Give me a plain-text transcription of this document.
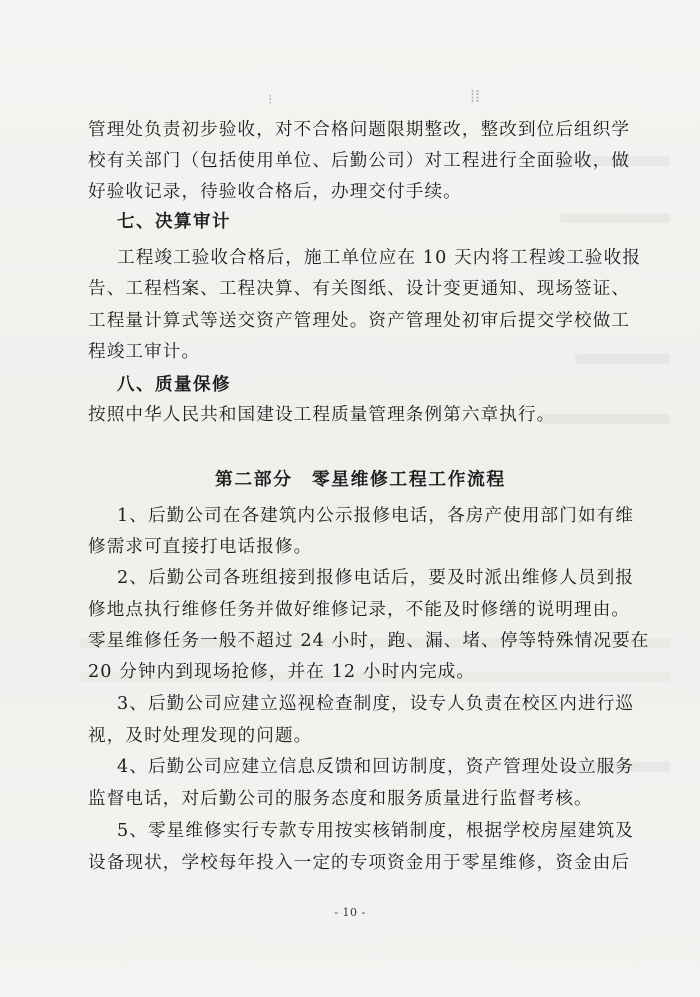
⁝	⁞⁞
管理处负责初步验收，对不合格问题限期整改，整改到位后组织学
校有关部门（包括使用单位、后勤公司）对工程进行全面验收，做
好验收记录，待验收合格后，办理交付手续。
七、决算审计
工程竣工验收合格后，施工单位应在 10 天内将工程竣工验收报
告、工程档案、工程决算、有关图纸、设计变更通知、现场签证、
工程量计算式等送交资产管理处。资产管理处初审后提交学校做工
程竣工审计。
八、质量保修
按照中华人民共和国建设工程质量管理条例第六章执行。
第二部分　零星维修工程工作流程
1、后勤公司在各建筑内公示报修电话，各房产使用部门如有维
修需求可直接打电话报修。
2、后勤公司各班组接到报修电话后，要及时派出维修人员到报
修地点执行维修任务并做好维修记录，不能及时修缮的说明理由。
零星维修任务一般不超过 24 小时，跑、漏、堵、停等特殊情况要在
20 分钟内到现场抢修，并在 12 小时内完成。
3、后勤公司应建立巡视检查制度，设专人负责在校区内进行巡
视，及时处理发现的问题。
4、后勤公司应建立信息反馈和回访制度，资产管理处设立服务
监督电话，对后勤公司的服务态度和服务质量进行监督考核。
5、零星维修实行专款专用按实核销制度，根据学校房屋建筑及
设备现状，学校每年投入一定的专项资金用于零星维修，资金由后
- 10 -
